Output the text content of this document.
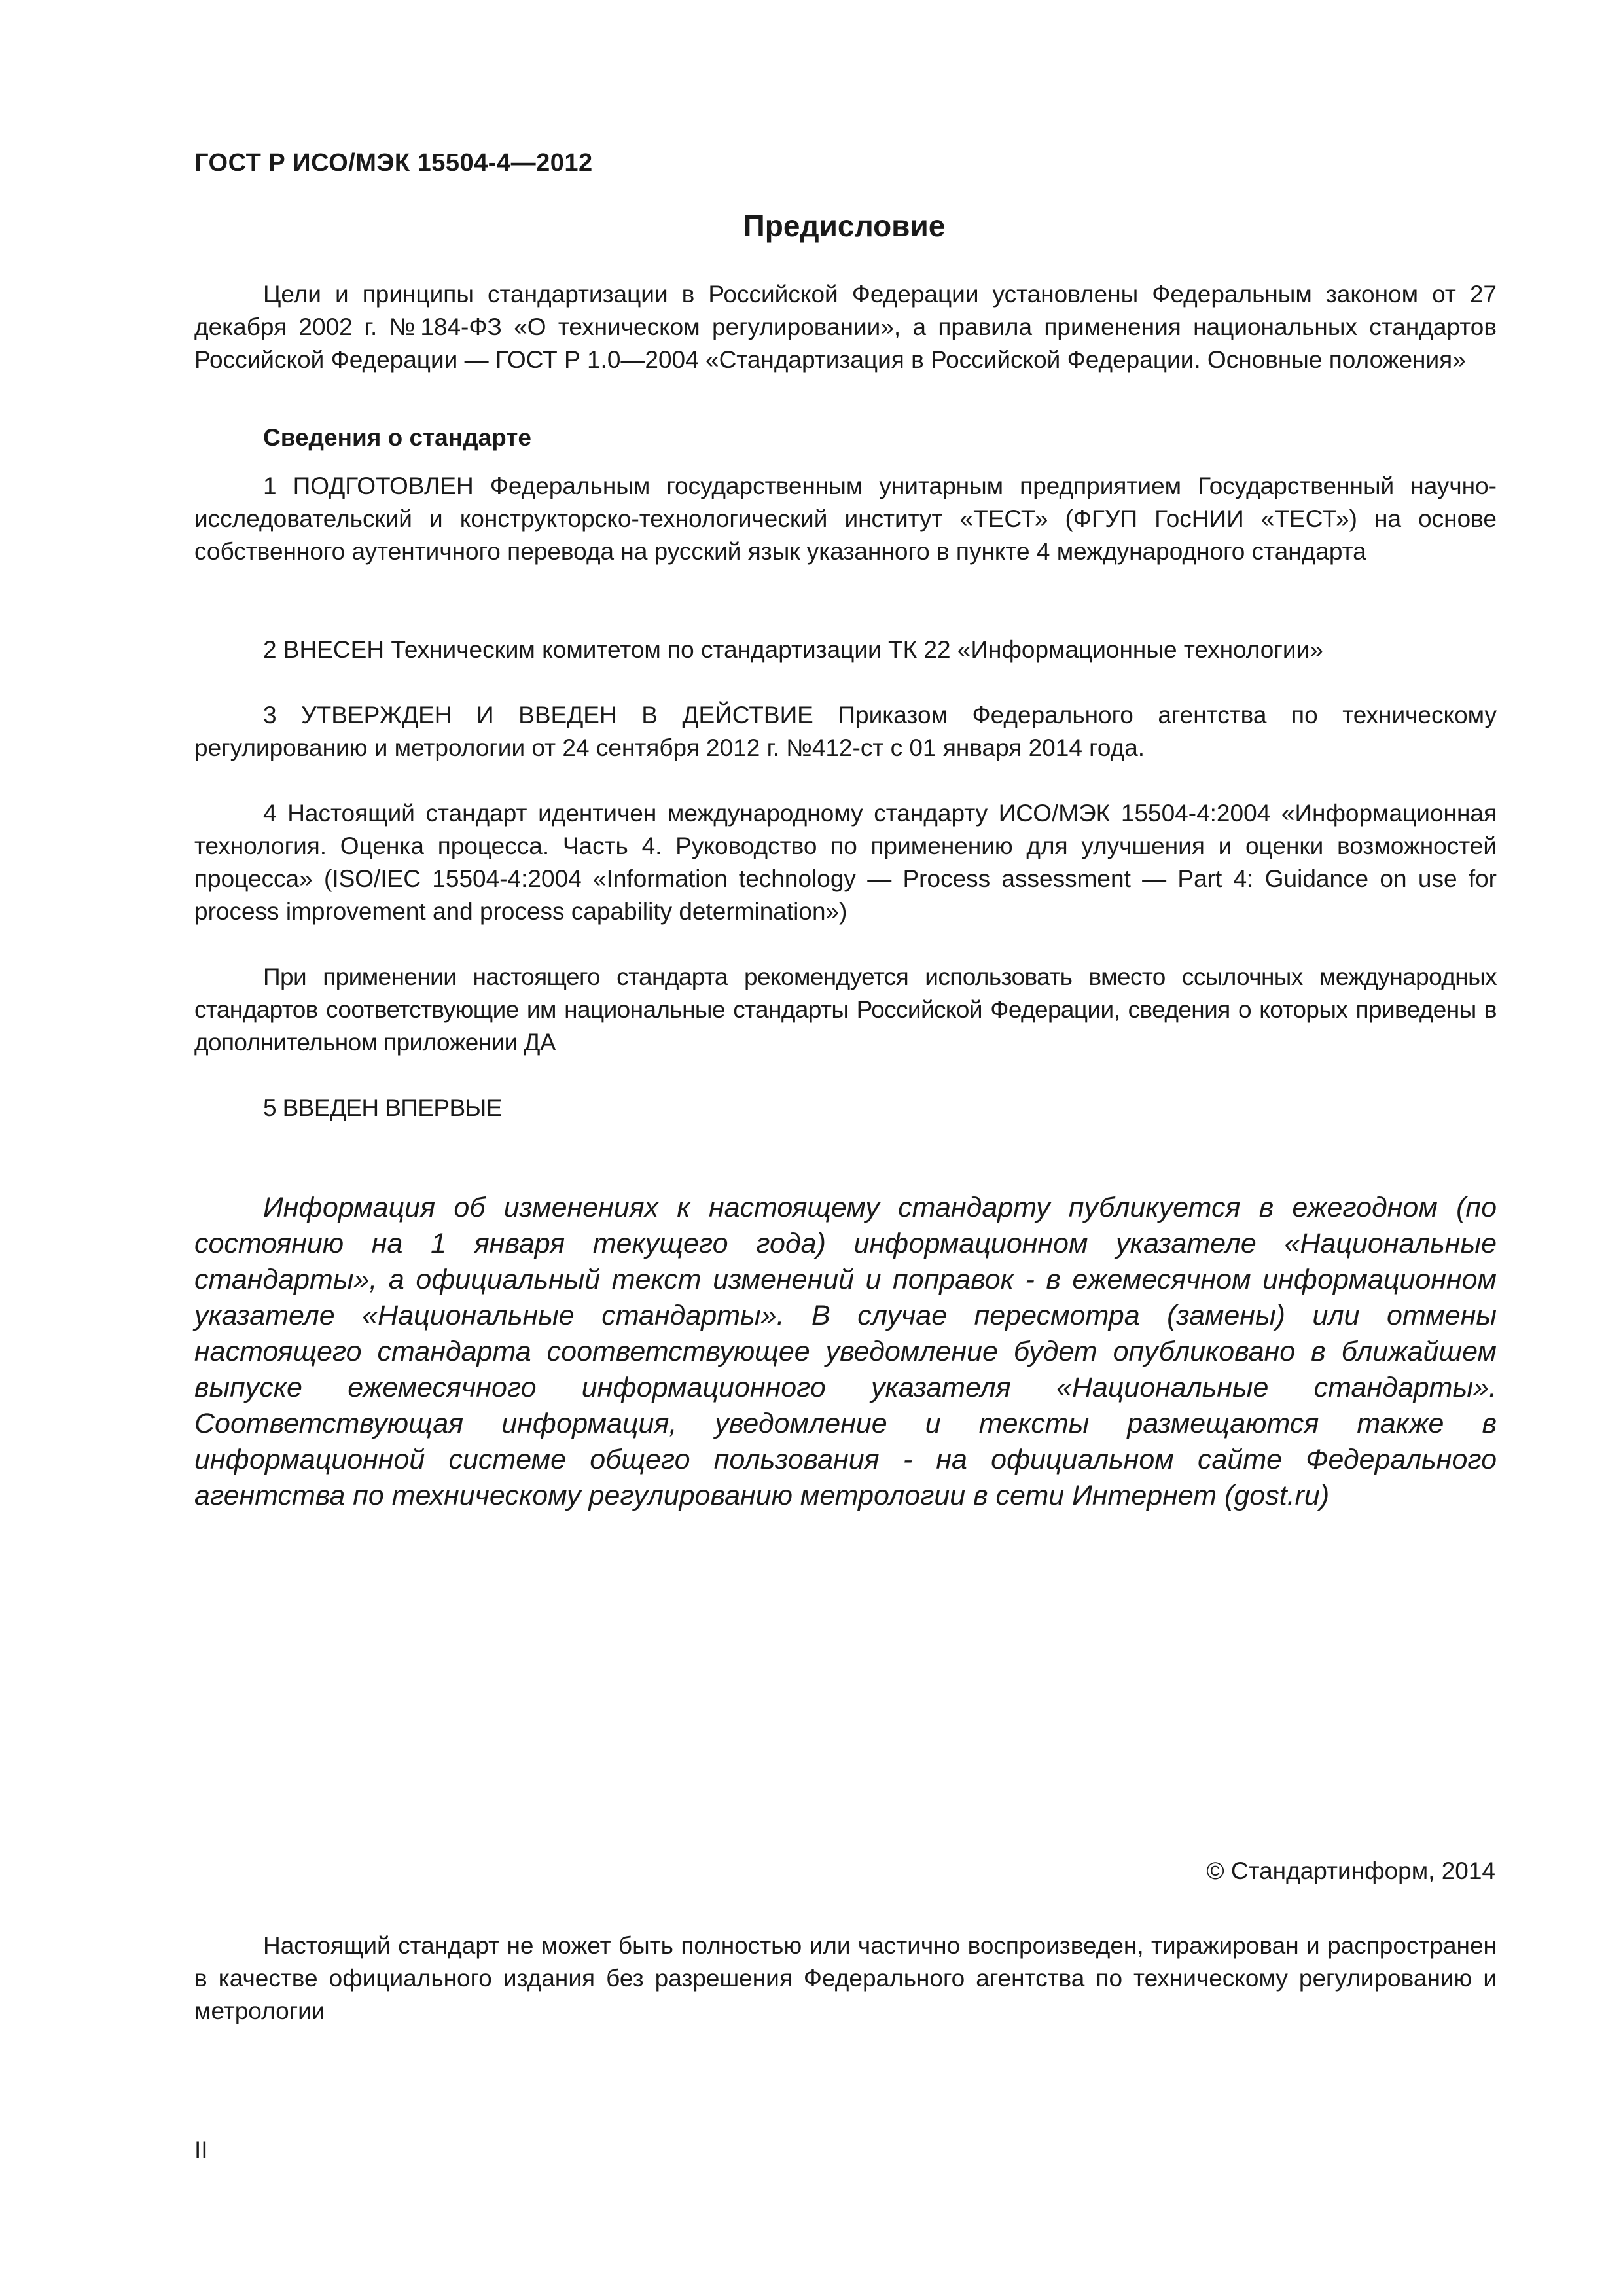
ГОСТ Р ИСО/МЭК 15504-4—2012
Предисловие
Цели и принципы стандартизации в Российской Федерации установлены Федеральным законом от 27 декабря 2002 г. №184-ФЗ «О техническом регулировании», а правила применения национальных стандартов Российской Федерации — ГОСТ Р 1.0—2004 «Стандартизация в Российской Федерации. Основные положения»
Сведения о стандарте
1 ПОДГОТОВЛЕН Федеральным государственным унитарным предприятием Государственный научно-исследовательский и конструкторско-технологический институт «ТЕСТ» (ФГУП ГосНИИ «ТЕСТ») на основе собственного аутентичного перевода на русский язык указанного в пункте 4 международного стандарта
2 ВНЕСЕН Техническим комитетом по стандартизации ТК 22 «Информационные технологии»
3 УТВЕРЖДЕН И ВВЕДЕН В ДЕЙСТВИЕ Приказом Федерального агентства по техническому регулированию и метрологии от 24 сентября 2012 г. №412-ст с 01 января 2014 года.
4 Настоящий стандарт идентичен международному стандарту ИСО/МЭК 15504-4:2004 «Информационная технология. Оценка процесса. Часть 4. Руководство по применению для улучшения и оценки возможностей процесса» (ISO/IEC 15504-4:2004 «Information technology — Process assessment — Part 4: Guidance on use for process improvement and process capability determination»)
При применении настоящего стандарта рекомендуется использовать вместо ссылочных международных стандартов соответствующие им национальные стандарты Российской Федерации, сведения о которых приведены в дополнительном приложении ДА
5 ВВЕДЕН ВПЕРВЫЕ
Информация об изменениях к настоящему стандарту публикуется в ежегодном (по состоянию на 1 января текущего года) информационном указателе «Национальные стандарты», а официальный текст изменений и поправок - в ежемесячном информационном указателе «Национальные стандарты». В случае пересмотра (замены) или отмены настоящего стандарта соответствующее уведомление будет опубликовано в ближайшем выпуске ежемесячного информационного указателя «Национальные стандарты». Соответствующая информация, уведомление и тексты размещаются также в информационной системе общего пользования - на официальном сайте Федерального агентства по техническому регулированию метрологии в сети Интернет (gost.ru)
© Стандартинформ, 2014
Настоящий стандарт не может быть полностью или частично воспроизведен, тиражирован и распространен в качестве официального издания без разрешения Федерального агентства по техническому регулированию и метрологии
II
